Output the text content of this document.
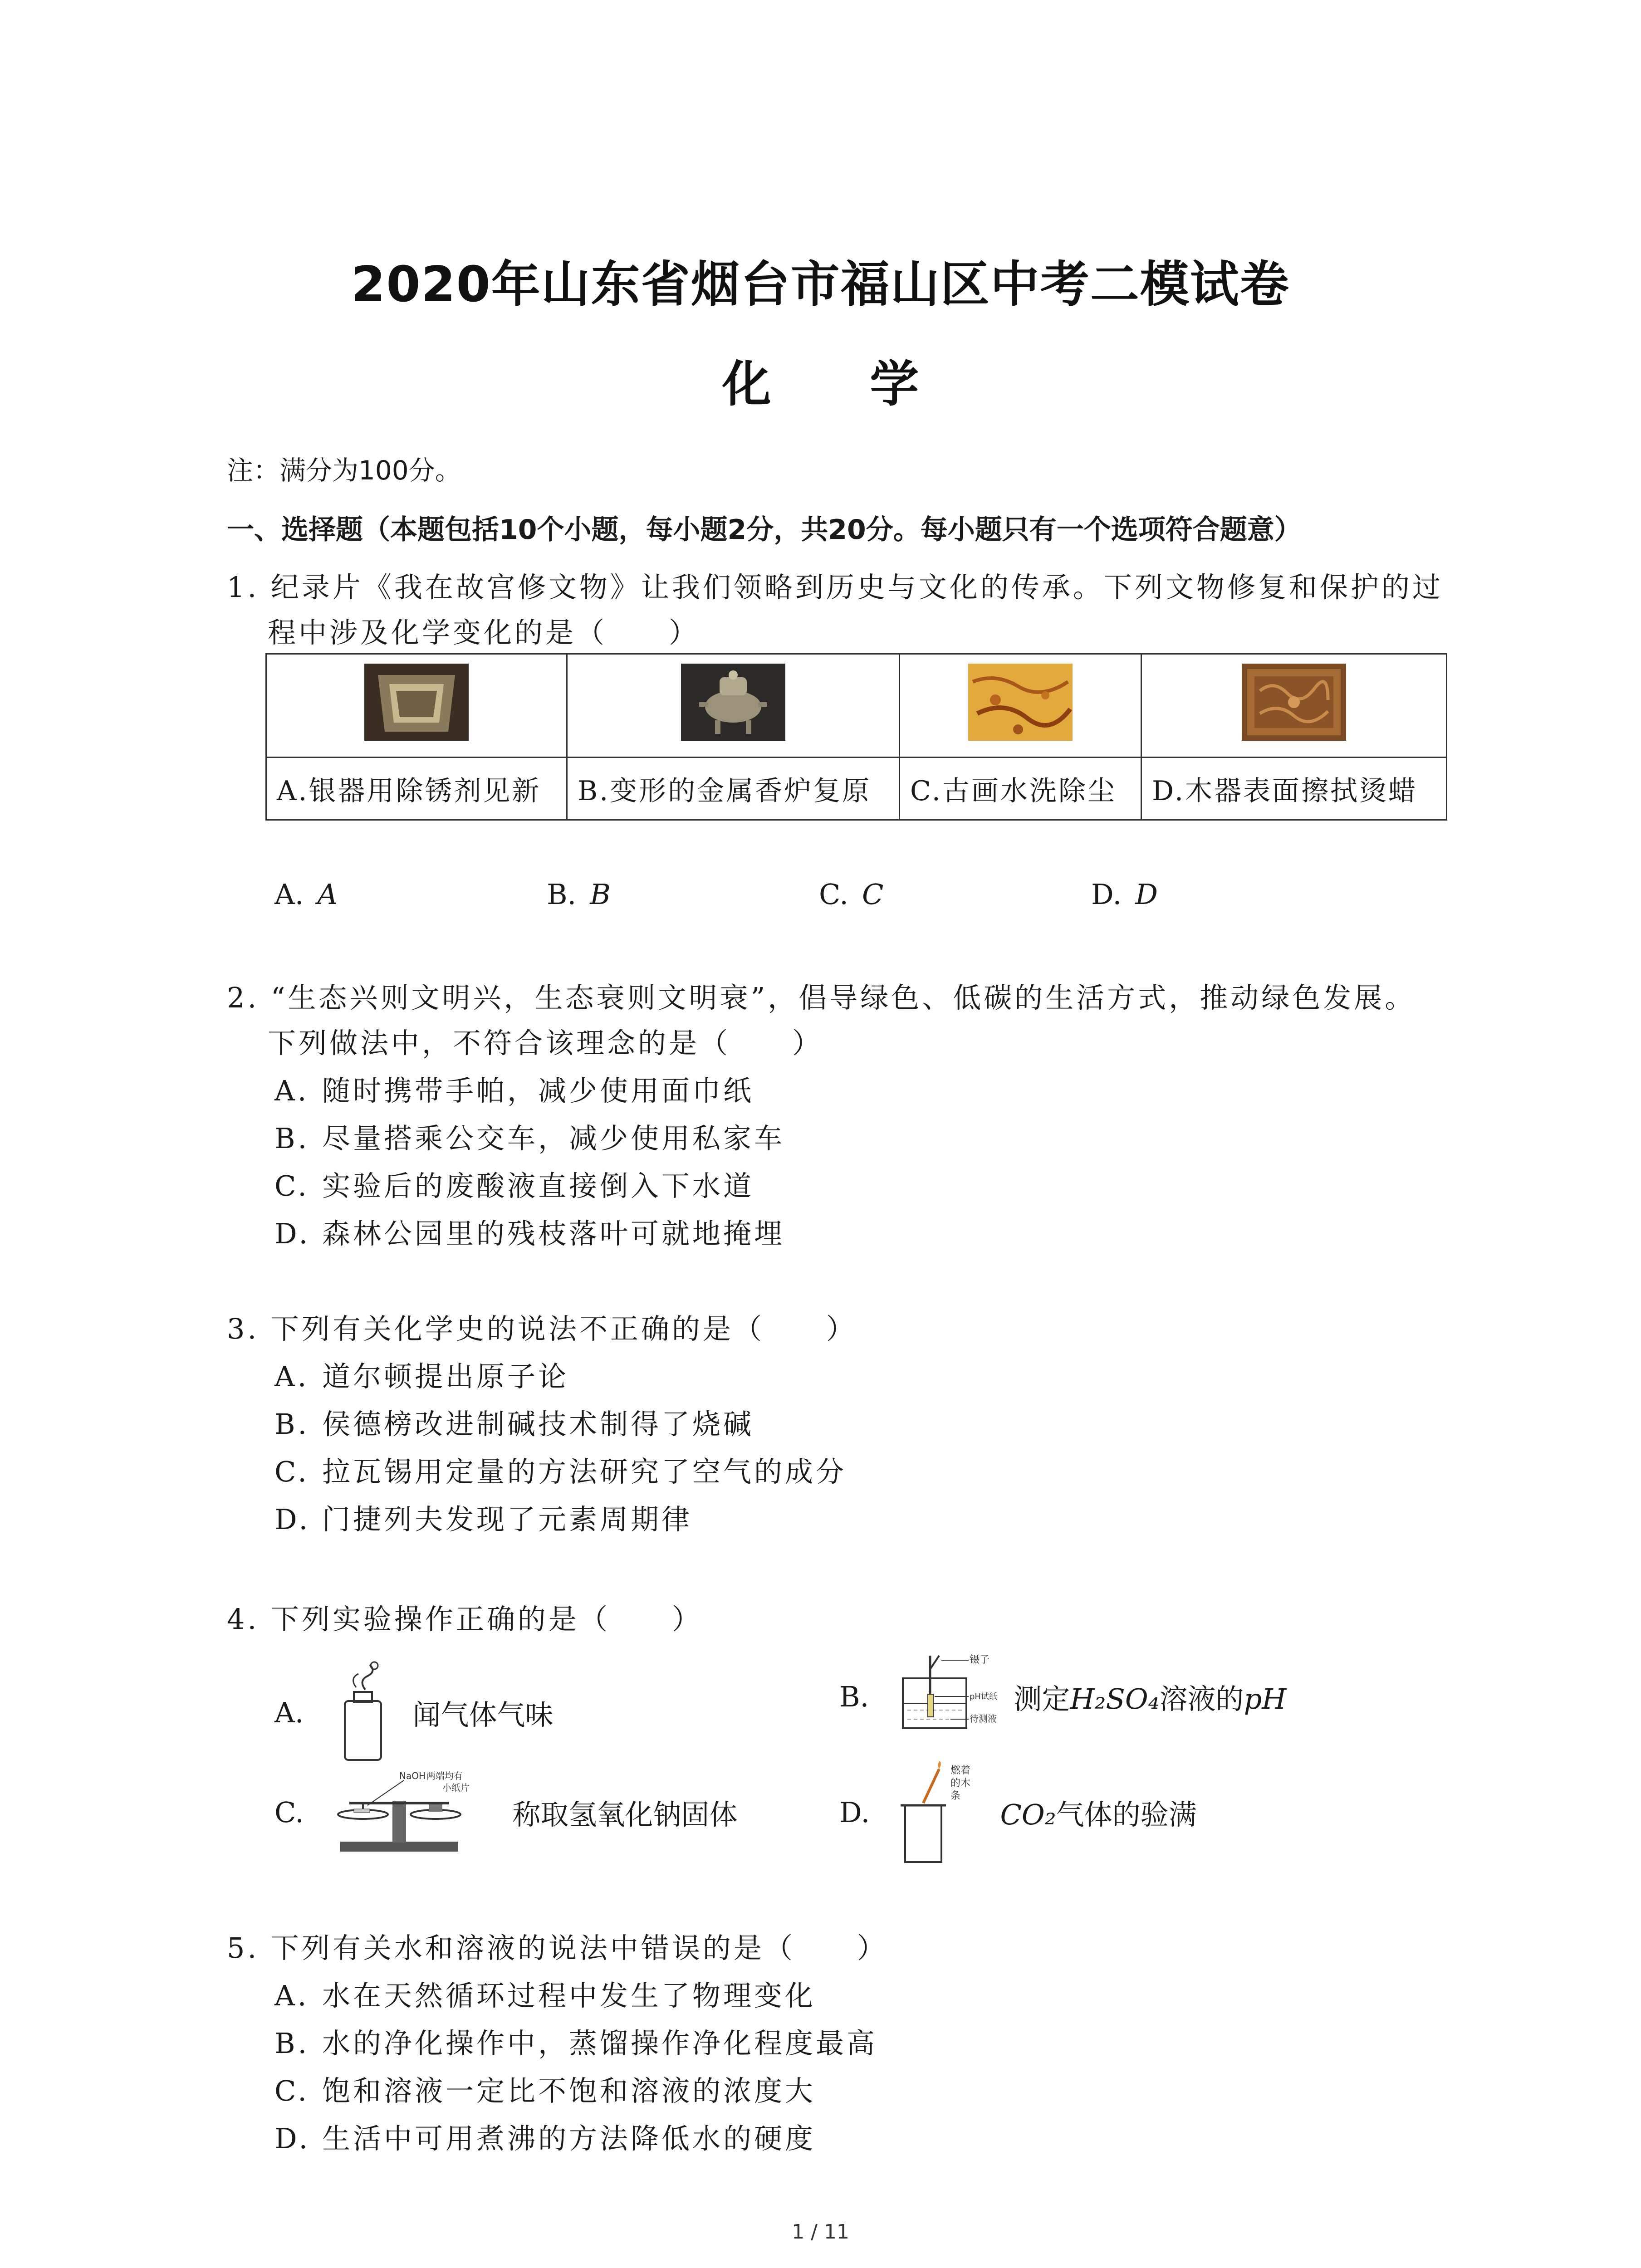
2020年山东省烟台市福山区中考二模试卷
化 学
注：满分为100分。
一、选择题（本题包括10个小题，每小题2分，共20分。每小题只有一个选项符合题意）
1. 纪录片《我在故宫修文物》让我们领略到历史与文化的传承。下列文物修复和保护的过
程中涉及化学变化的是（　　）

A.银器用除锈剂见新	B.变形的金属香炉复原	C.古画水洗除尘	D.木器表面擦拭烫蜡
A. A	B. B	C. C	D. D
2. “生态兴则文明兴，生态衰则文明衰”，倡导绿色、低碳的生活方式，推动绿色发展。
下列做法中，不符合该理念的是（　　）
A. 随时携带手帕，减少使用面巾纸
B. 尽量搭乘公交车，减少使用私家车
C. 实验后的废酸液直接倒入下水道
D. 森林公园里的残枝落叶可就地掩埋
3. 下列有关化学史的说法不正确的是（　　）
A. 道尔顿提出原子论
B. 侯德榜改进制碱技术制得了烧碱
C. 拉瓦锡用定量的方法研究了空气的成分
D. 门捷列夫发现了元素周期律
4. 下列实验操作正确的是（　　）
A.	闻气体气味
B.
镊子
pH试纸
待测液
测定H₂SO₄溶液的pH
C.
NaOH 两端均有
小纸片
称取氢氧化钠固体	D.
燃着
的木
条
CO₂气体的验满
5. 下列有关水和溶液的说法中错误的是（　　）
A. 水在天然循环过程中发生了物理变化
B. 水的净化操作中，蒸馏操作净化程度最高
C. 饱和溶液一定比不饱和溶液的浓度大
D. 生活中可用煮沸的方法降低水的硬度
1 / 11
